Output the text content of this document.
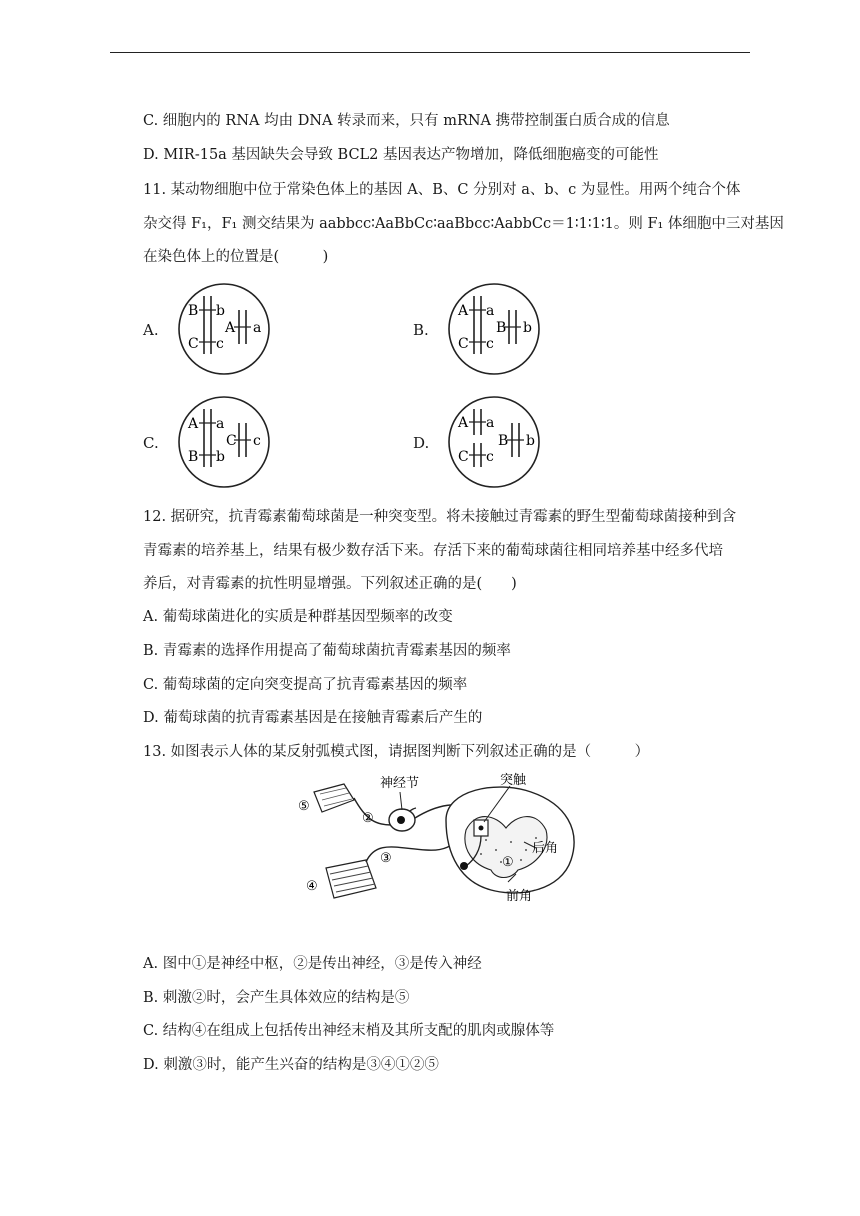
C. 细胞内的 RNA 均由 DNA 转录而来，只有 mRNA 携带控制蛋白质合成的信息
D. MIR-15a 基因缺失会导致 BCL2 基因表达产物增加，降低细胞癌变的可能性
11. 某动物细胞中位于常染色体上的基因 A、B、C 分别对 a、b、c 为显性。用两个纯合个体
杂交得 F₁，F₁ 测交结果为 aabbcc∶AaBbCc∶aaBbcc∶AabbCc＝1∶1∶1∶1。则 F₁ 体细胞中三对基因
在染色体上的位置是(　　　)
A.	B.
C.	D.
B b
C c
A a
A a
C c
B b
A a
B b
C c
A a
C c
B b
12. 据研究，抗青霉素葡萄球菌是一种突变型。将未接触过青霉素的野生型葡萄球菌接种到含
青霉素的培养基上，结果有极少数存活下来。存活下来的葡萄球菌往相同培养基中经多代培
养后，对青霉素的抗性明显增强。下列叙述正确的是(　　)
A. 葡萄球菌进化的实质是种群基因型频率的改变
B. 青霉素的选择作用提高了葡萄球菌抗青霉素基因的频率
C. 葡萄球菌的定向突变提高了抗青霉素基因的频率
D. 葡萄球菌的抗青霉素基因是在接触青霉素后产生的
13. 如图表示人体的某反射弧模式图，请据图判断下列叙述正确的是（　　　）
神经节	突触
后角
前角
①
②
③
④
⑤
A. 图中①是神经中枢，②是传出神经，③是传入神经
B. 刺激②时，会产生具体效应的结构是⑤
C. 结构④在组成上包括传出神经末梢及其所支配的肌肉或腺体等
D. 刺激③时，能产生兴奋的结构是③④①②⑤
